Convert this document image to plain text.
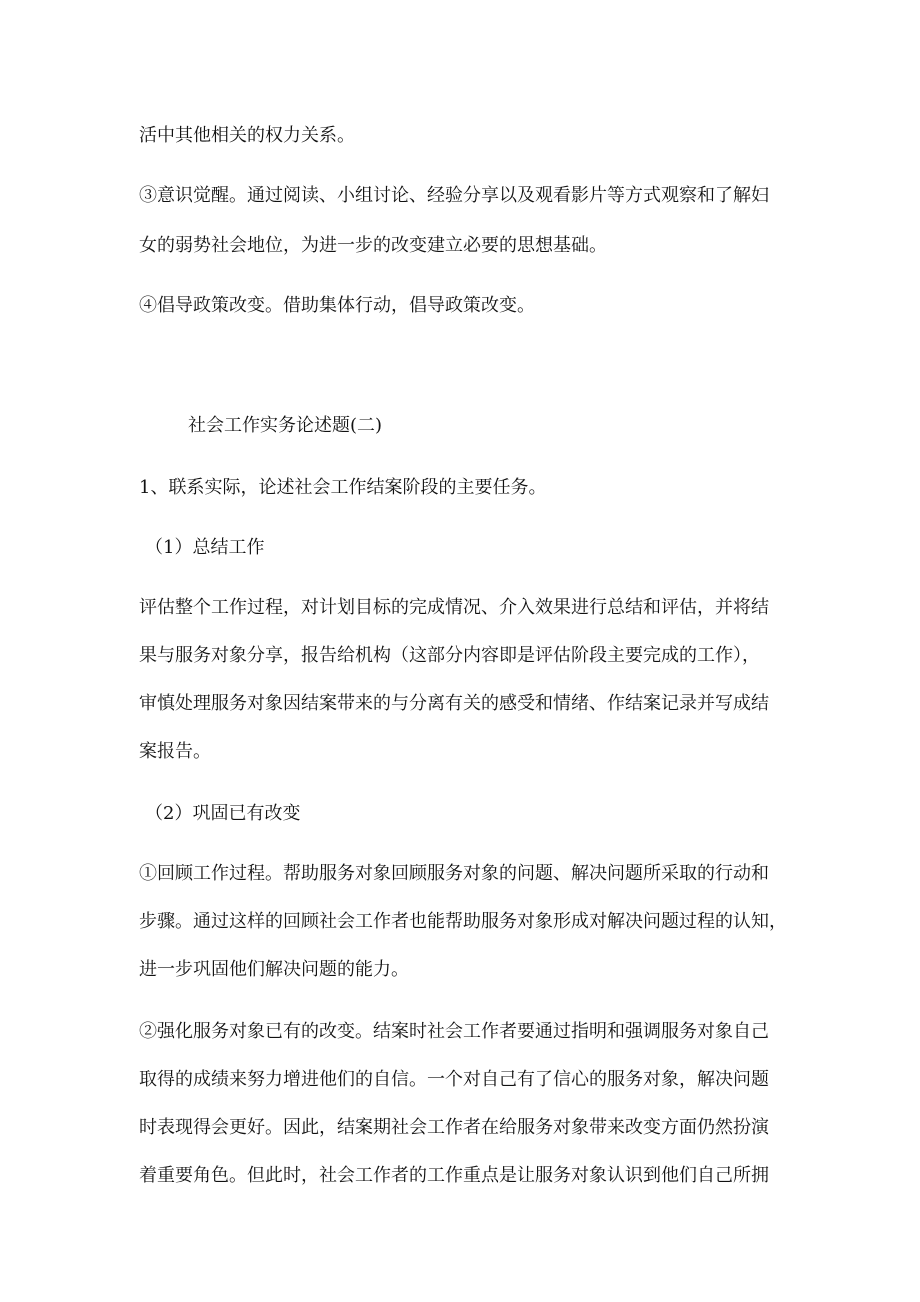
活中其他相关的权力关系。

③意识觉醒。通过阅读、小组讨论、经验分享以及观看影片等方式观察和了解妇

女的弱势社会地位，为进一步的改变建立必要的思想基础。

④倡导政策改变。借助集体行动，倡导政策改变。

社会工作实务论述题(二)

1、联系实际，论述社会工作结案阶段的主要任务。

（1）总结工作

评估整个工作过程，对计划目标的完成情况、介入效果进行总结和评估，并将结

果与服务对象分享，报告给机构（这部分内容即是评估阶段主要完成的工作），

审慎处理服务对象因结案带来的与分离有关的感受和情绪、作结案记录并写成结

案报告。

（2）巩固已有改变

①回顾工作过程。帮助服务对象回顾服务对象的问题、解决问题所采取的行动和

步骤。通过这样的回顾社会工作者也能帮助服务对象形成对解决问题过程的认知，

进一步巩固他们解决问题的能力。

②强化服务对象已有的改变。结案时社会工作者要通过指明和强调服务对象自己

取得的成绩来努力增进他们的自信。一个对自己有了信心的服务对象，解决问题

时表现得会更好。因此，结案期社会工作者在给服务对象带来改变方面仍然扮演

着重要角色。但此时，社会工作者的工作重点是让服务对象认识到他们自己所拥
